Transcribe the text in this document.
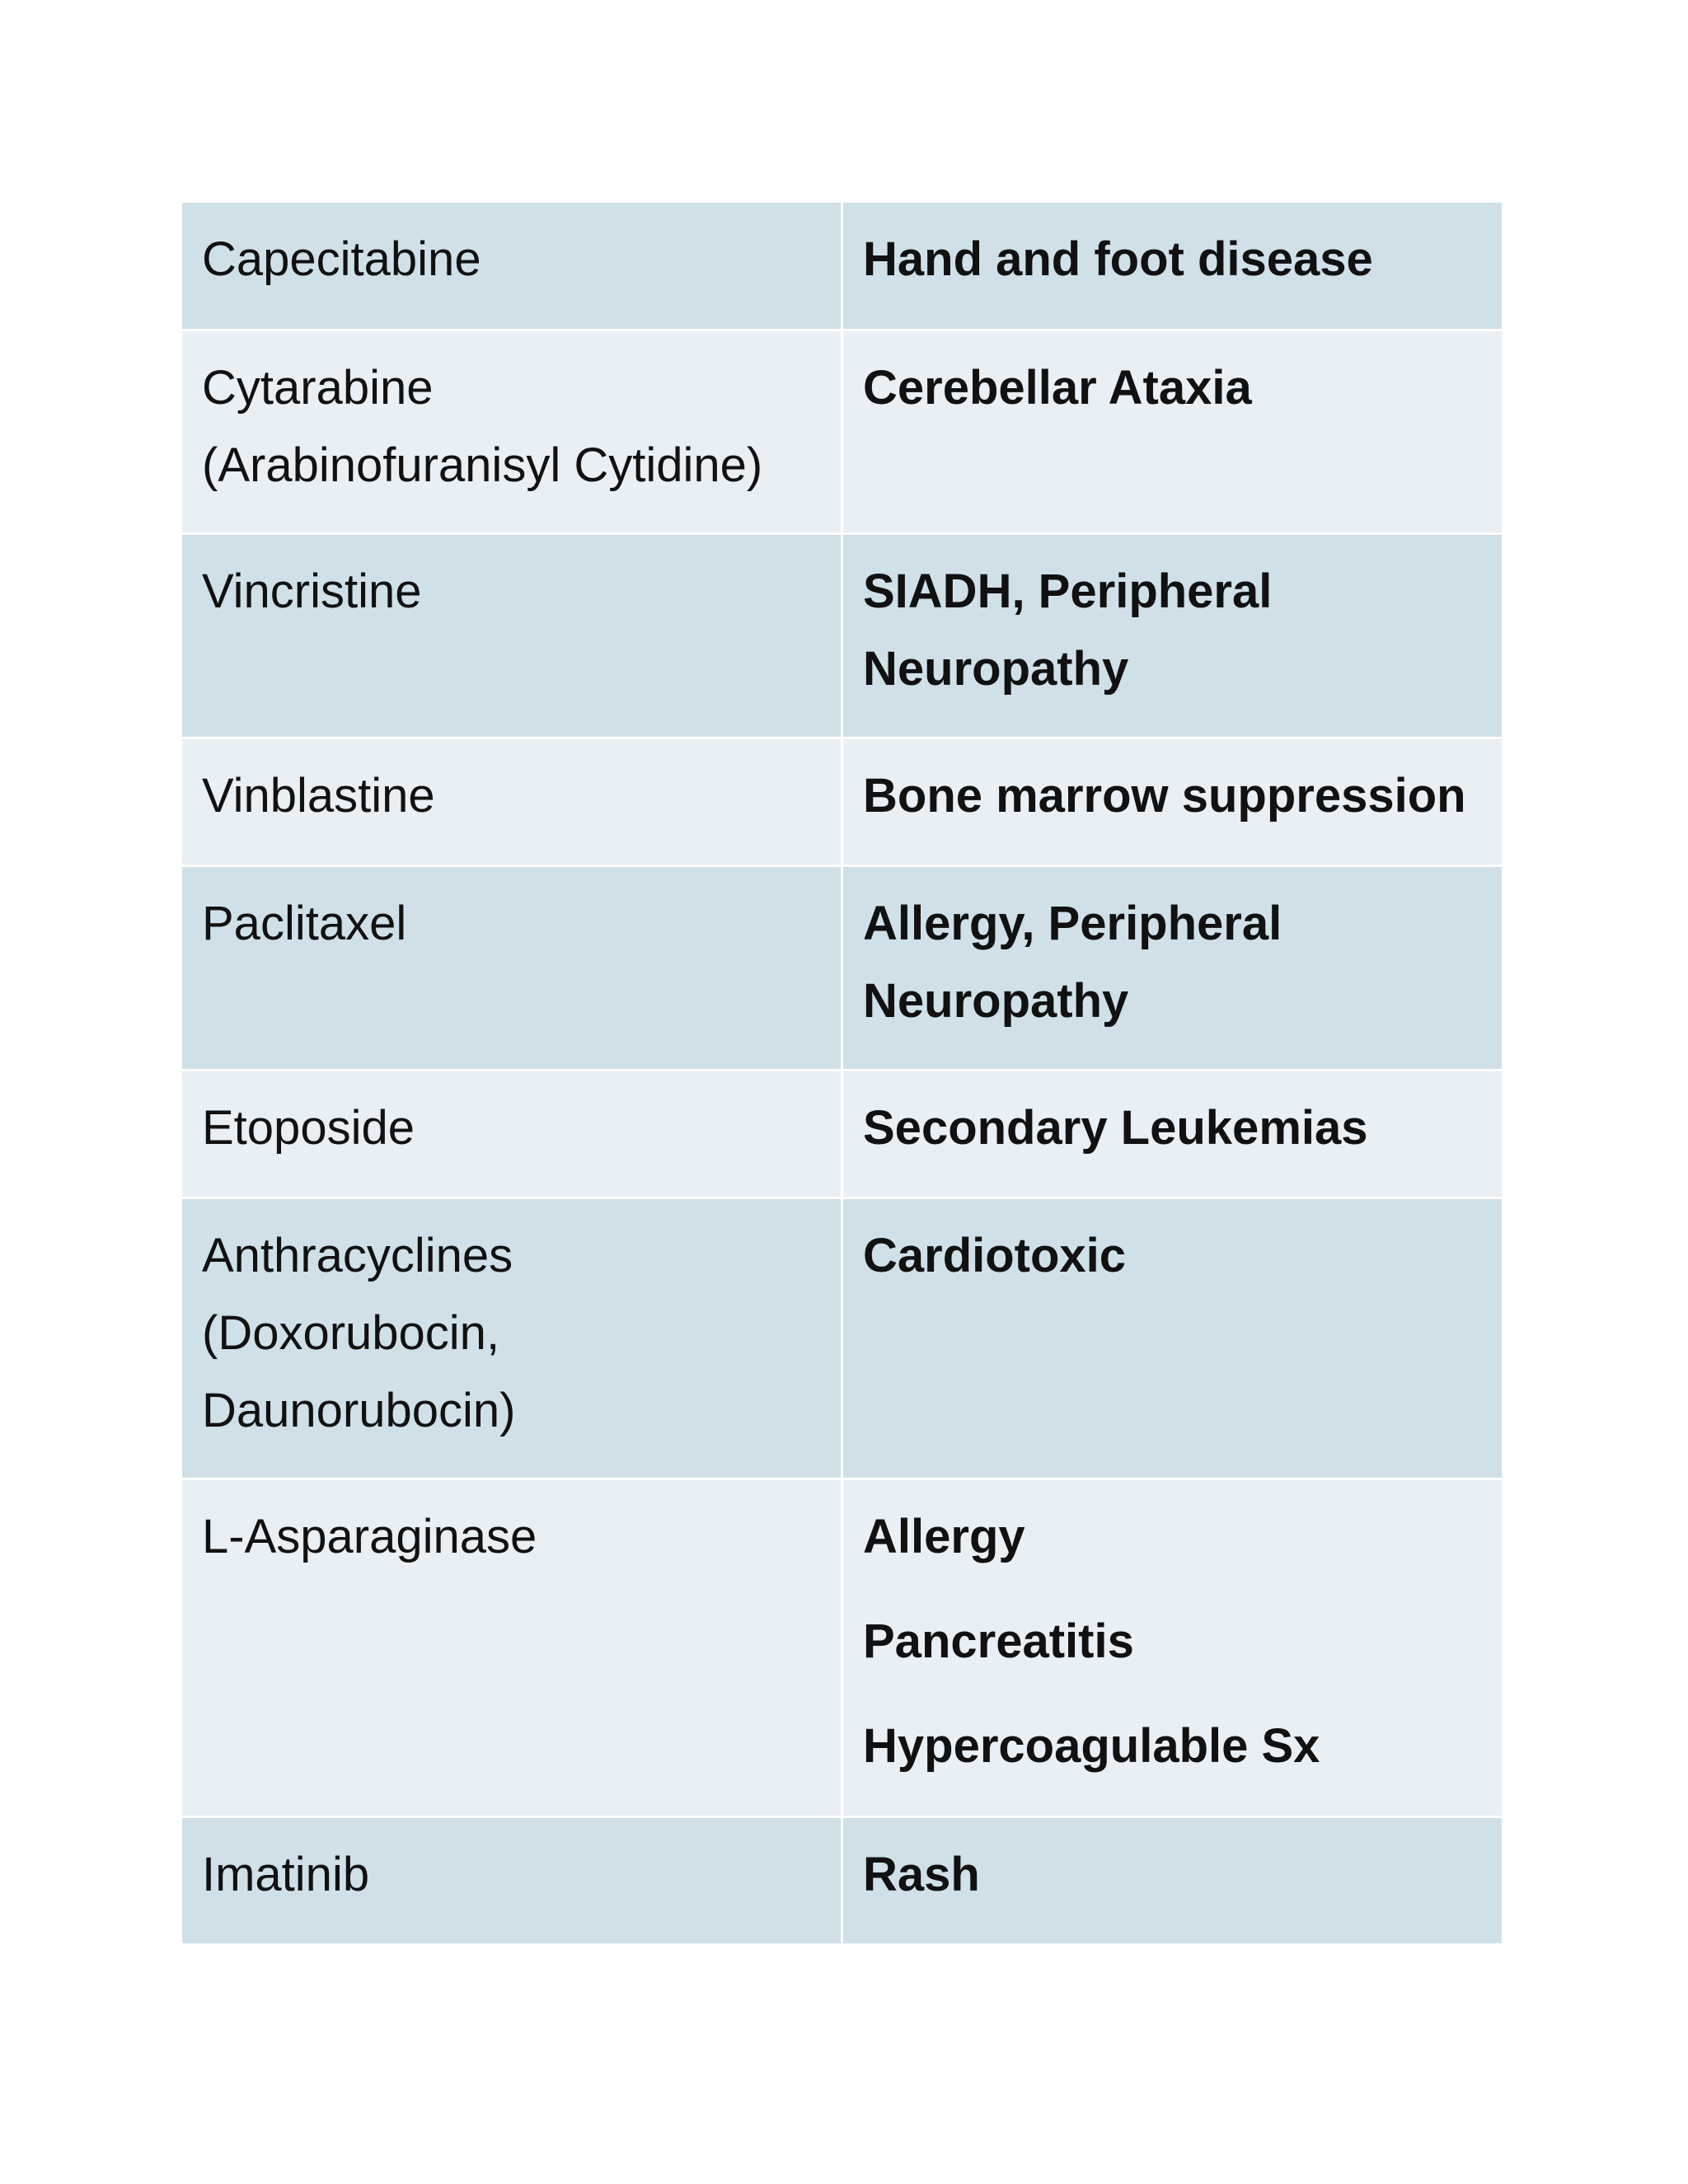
Capecitabine	Hand and foot disease

Cytarabine
(Arabinofuranisyl Cytidine)	Cerebellar Ataxia

Vincristine	SIADH, Peripheral
Neuropathy

Vinblastine	Bone marrow suppression

Paclitaxel	Allergy, Peripheral
Neuropathy

Etoposide	Secondary Leukemias

Anthracyclines
(Doxorubocin,
Daunorubocin)	Cardiotoxic

L-Asparaginase	Allergy
Pancreatitis
Hypercoagulable Sx

Imatinib	Rash
